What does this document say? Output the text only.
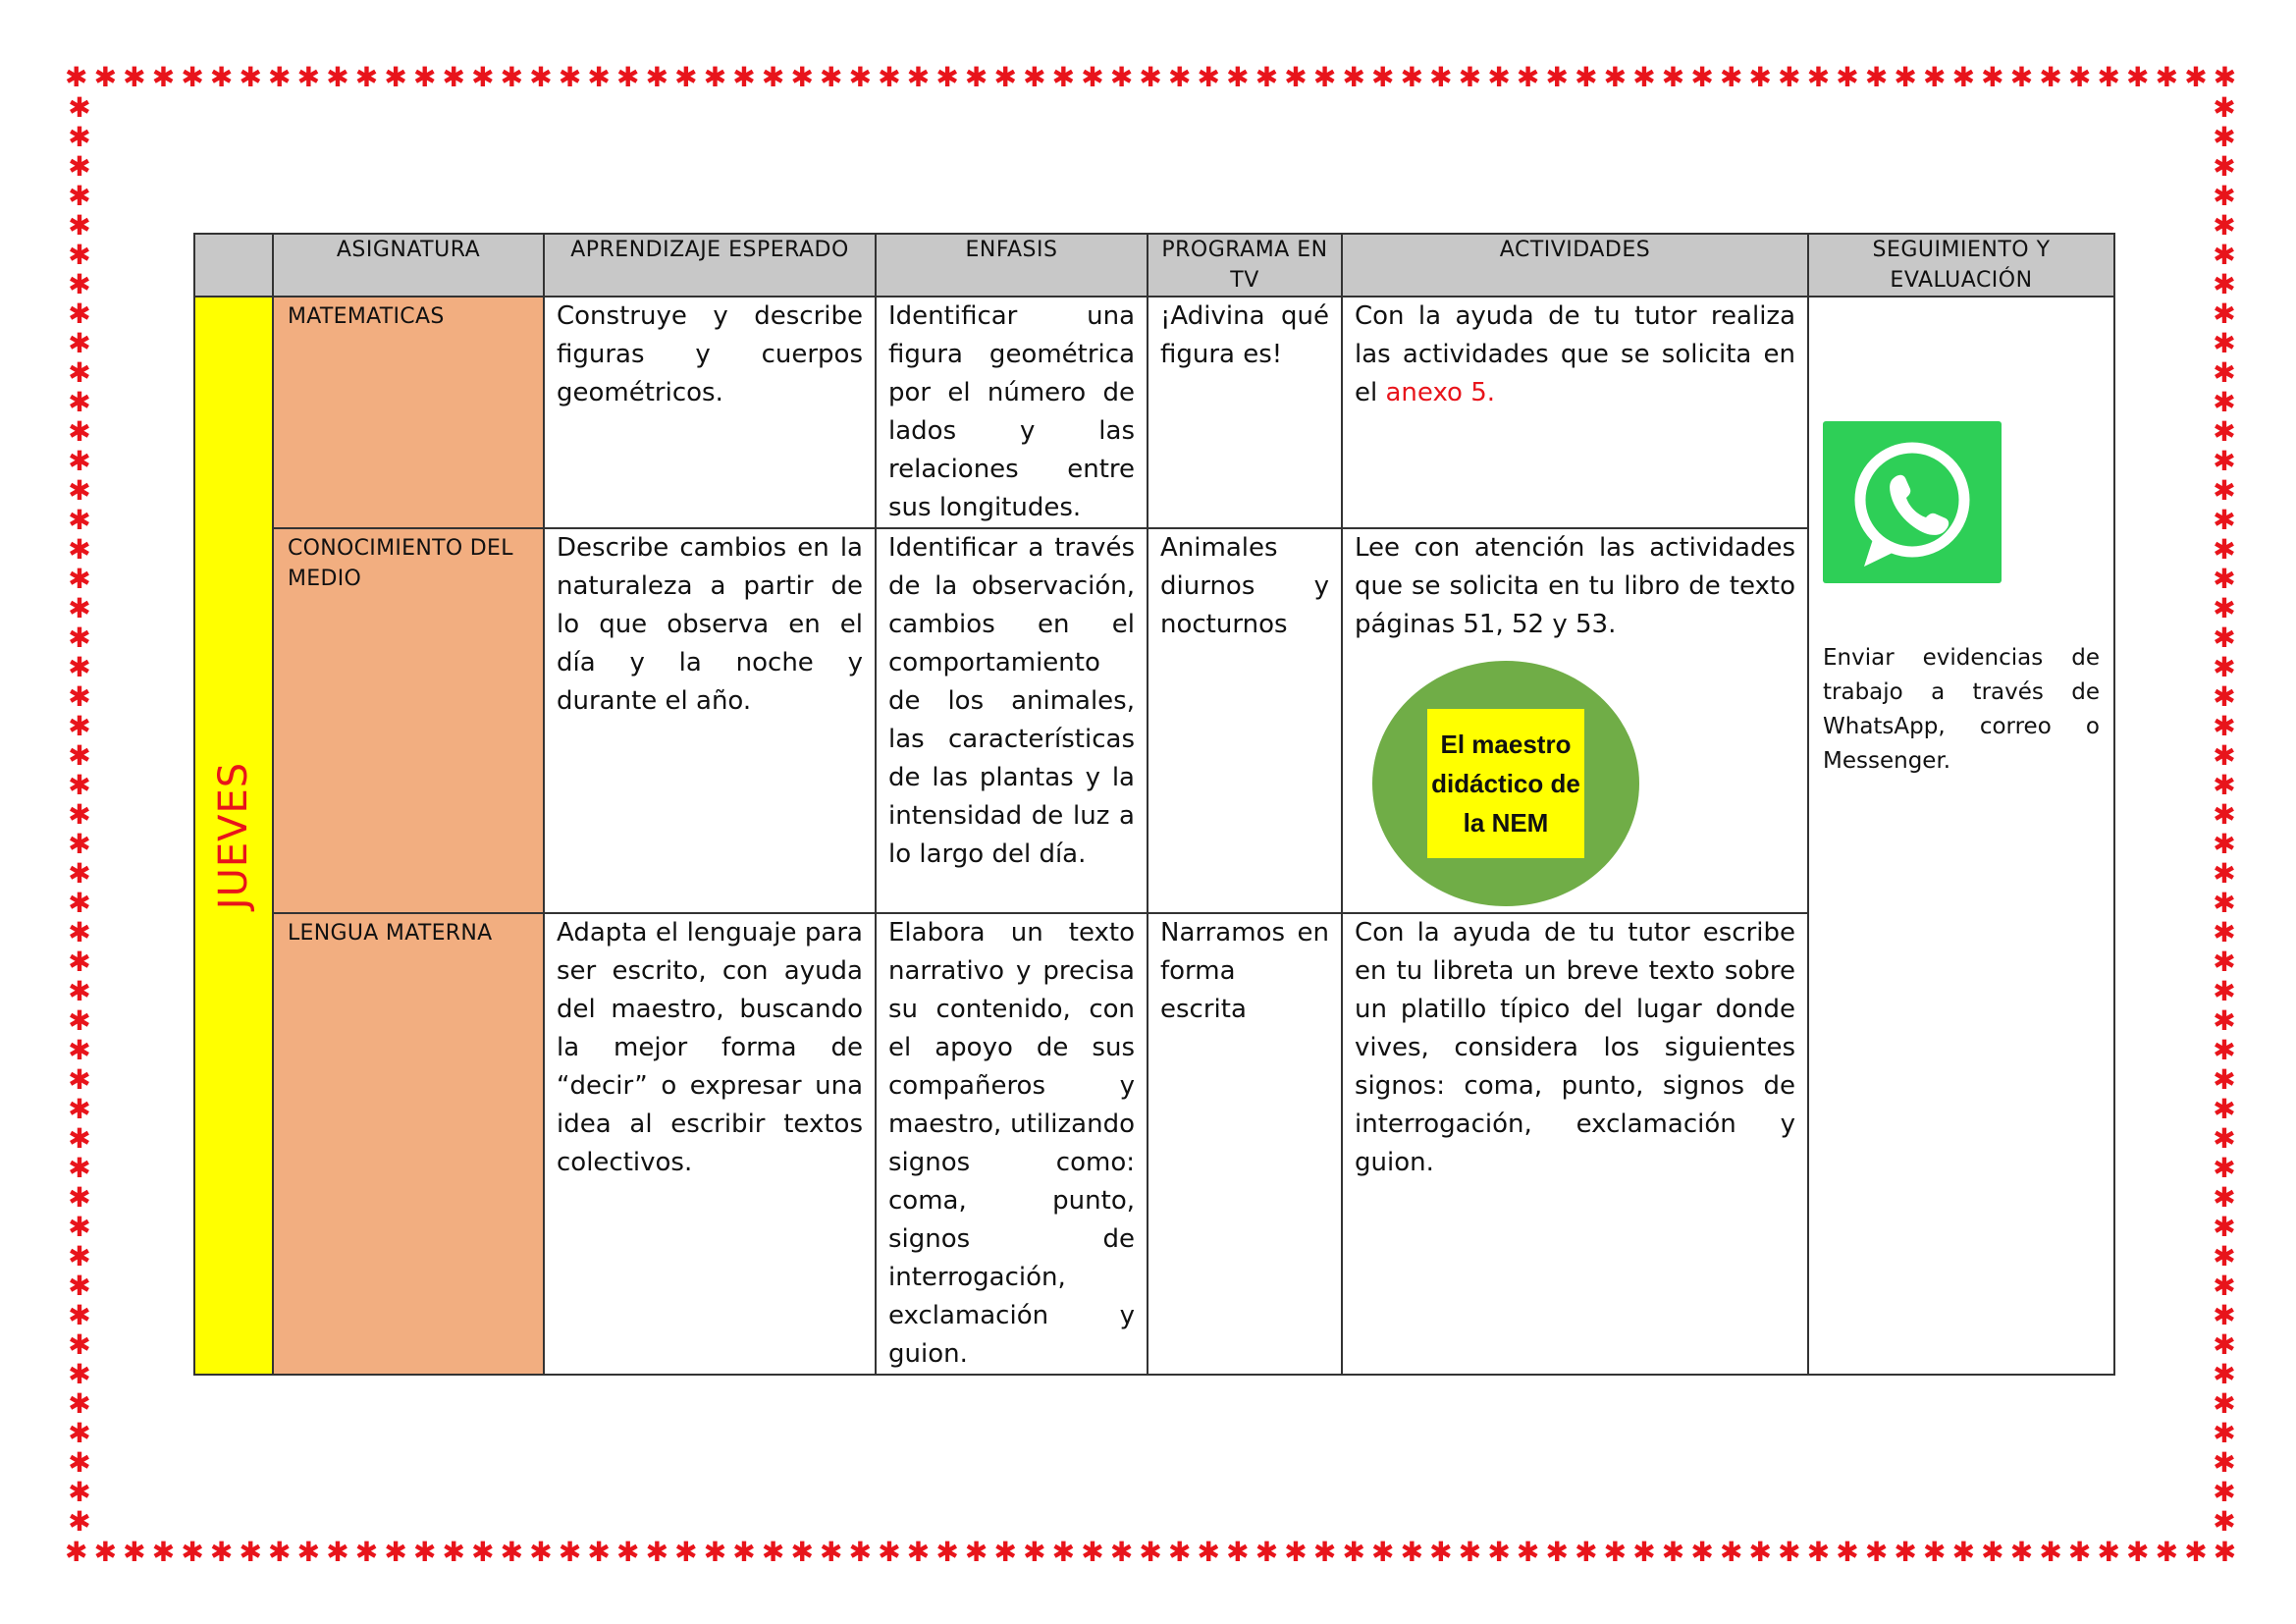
✱ ✱ ✱ ✱ ✱ ✱ ✱ ✱ ✱ ✱ ✱ ✱ ✱ ✱ ✱ ✱ ✱ ✱ ✱ ✱ ✱ ✱ ✱ ✱ ✱ ✱ ✱ ✱ ✱ ✱ ✱ ✱ ✱ ✱ ✱ ✱ ✱ ✱ ✱ ✱ ✱ ✱ ✱ ✱ ✱ ✱ ✱ ✱ ✱ ✱ ✱ ✱ ✱ ✱ ✱ ✱ ✱ ✱ ✱ ✱ ✱ ✱ ✱ ✱ ✱ ✱ ✱ ✱ ✱ ✱ ✱ ✱ ✱ ✱ ✱
✱ ✱ ✱ ✱ ✱ ✱ ✱ ✱ ✱ ✱ ✱ ✱ ✱ ✱ ✱ ✱ ✱ ✱ ✱ ✱ ✱ ✱ ✱ ✱ ✱ ✱ ✱ ✱ ✱ ✱ ✱ ✱ ✱ ✱ ✱ ✱ ✱ ✱ ✱ ✱ ✱ ✱ ✱ ✱ ✱ ✱ ✱ ✱ ✱ ✱ ✱ ✱ ✱ ✱ ✱ ✱ ✱ ✱ ✱ ✱ ✱ ✱ ✱ ✱ ✱ ✱ ✱ ✱ ✱ ✱ ✱ ✱ ✱ ✱ ✱
✱
✱
✱
✱
✱
✱
✱
✱
✱
✱
✱
✱
✱
✱
✱
✱
✱
✱
✱
✱
✱
✱
✱
✱
✱
✱
✱
✱
✱
✱
✱
✱
✱
✱
✱
✱
✱
✱
✱
✱
✱
✱
✱
✱
✱
✱
✱
✱
✱
✱
✱
✱
✱
✱
✱
✱
✱
✱
✱
✱
✱
✱
✱
✱
✱
✱
✱
✱
✱
✱
✱
✱
✱
✱
✱
✱
✱
✱
✱
✱
✱
✱
✱
✱
✱
✱
✱
✱
✱
✱
✱
✱
✱
✱
✱
✱
✱
✱
	ASIGNATURA	APRENDIZAJE ESPERADO	ENFASIS	PROGRAMA EN TV	ACTIVIDADES	SEGUIMIENTO Y EVALUACIÓN

JUEVES	MATEMATICAS	Construye y describe figuras y cuerpos geométricos.	Identificar una figura geométrica por el número de lados y las relaciones entre sus longitudes.	¡Adivina qué figura es!	Con la ayuda de tu tutor realiza las actividades que se solicita en el anexo 5.	Enviar evidencias de trabajo a través de WhatsApp, correo o Messenger.

	CONOCIMIENTO DEL MEDIO	Describe cambios en la naturaleza a partir de lo que observa en el día y la noche y durante el año.	Identificar a través de la observación, cambios en el comportamiento de los animales, las características de las plantas y la intensidad de luz a lo largo del día.	Animales diurnos y nocturnos	Lee con atención las actividades que se solicita en tu libro de texto páginas 51, 52 y 53.
El maestro didáctico de la NEM	

	LENGUA MATERNA	Adapta el lenguaje para ser escrito, con ayuda del maestro, buscando la mejor forma de “decir” o expresar una idea al escribir textos colectivos.	Elabora un texto narrativo y precisa su contenido, con el apoyo de sus compañeros y maestro, utilizando signos como: coma, punto, signos de interrogación, exclamación y guion.	Narramos en forma escrita	Con la ayuda de tu tutor escribe en tu libreta un breve texto sobre un platillo típico del lugar donde vives, considera los siguientes signos: coma, punto, signos de interrogación, exclamación y guion.	
